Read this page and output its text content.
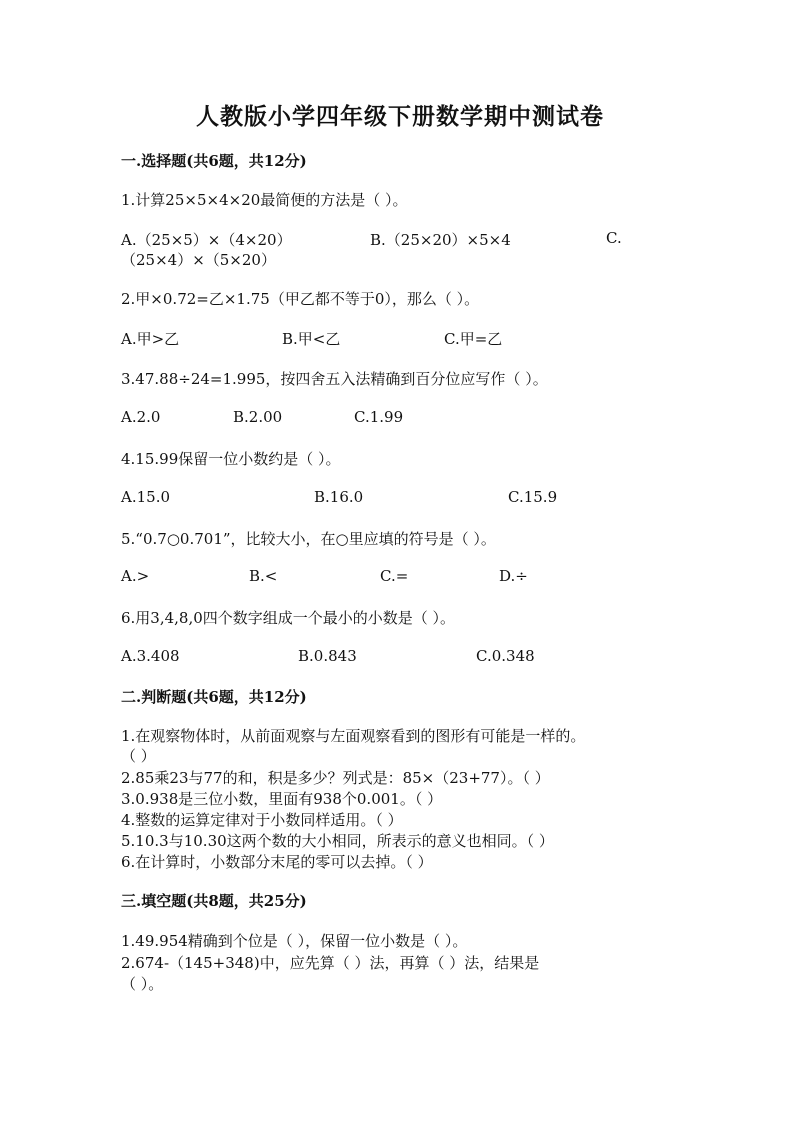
人教版小学四年级下册数学期中测试卷
一.选择题(共6题，共12分)
1.计算25×5×4×20最简便的方法是（ ）。
A.（25×5）×（4×20）	B.（25×20）×5×4	C.
（25×4）×（5×20）
2.甲×0.72=乙×1.75（甲乙都不等于0），那么（ ）。
A.甲>乙	B.甲<乙	C.甲=乙
3.47.88÷24=1.995，按四舍五入法精确到百分位应写作（ ）。
A.2.0	B.2.00	C.1.99
4.15.99保留一位小数约是（ ）。
A.15.0	B.16.0	C.15.9
5.“0.7○0.701”，比较大小，在○里应填的符号是（ ）。
A.>	B.<	C.=	D.÷
6.用3,4,8,0四个数字组成一个最小的小数是（ ）。
A.3.408	B.0.843	C.0.348
二.判断题(共6题，共12分)
1.在观察物体时，从前面观察与左面观察看到的图形有可能是一样的。
（ ）
2.85乘23与77的和，积是多少？列式是：85×（23+77）。（ ）
3.0.938是三位小数，里面有938个0.001。（ ）
4.整数的运算定律对于小数同样适用。（ ）
5.10.3与10.30这两个数的大小相同，所表示的意义也相同。（ ）
6.在计算时，小数部分末尾的零可以去掉。（ ）
三.填空题(共8题，共25分)
1.49.954精确到个位是（ ），保留一位小数是（ ）。
2.674-（145+348)中，应先算（ ）法，再算（ ）法，结果是
（ ）。
